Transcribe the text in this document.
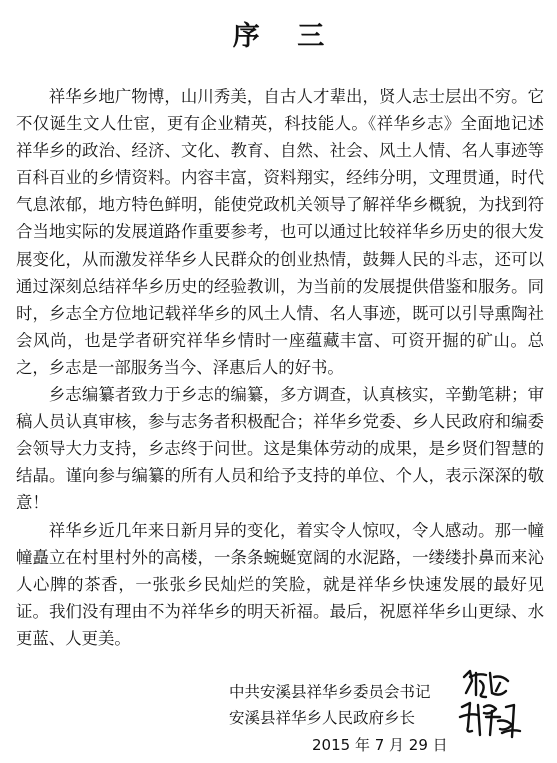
序 三

祥华乡地广物博，山川秀美，自古人才辈出，贤人志士层出不穷。它不仅诞生文人仕宦，更有企业精英，科技能人。《祥华乡志》全面地记述祥华乡的政治、经济、文化、教育、自然、社会、风土人情、名人事迹等百科百业的乡情资料。内容丰富，资料翔实，经纬分明，文理贯通，时代气息浓郁，地方特色鲜明，能使党政机关领导了解祥华乡概貌，为找到符合当地实际的发展道路作重要参考，也可以通过比较祥华乡历史的很大发展变化，从而激发祥华乡人民群众的创业热情，鼓舞人民的斗志，还可以通过深刻总结祥华乡历史的经验教训，为当前的发展提供借鉴和服务。同时，乡志全方位地记载祥华乡的风土人情、名人事迹，既可以引导熏陶社会风尚，也是学者研究祥华乡情时一座蕴藏丰富、可资开掘的矿山。总之，乡志是一部服务当今、泽惠后人的好书。

乡志编纂者致力于乡志的编纂，多方调查，认真核实，辛勤笔耕；审稿人员认真审核，参与志务者积极配合；祥华乡党委、乡人民政府和编委会领导大力支持，乡志终于问世。这是集体劳动的成果，是乡贤们智慧的结晶。谨向参与编纂的所有人员和给予支持的单位、个人，表示深深的敬意！

祥华乡近几年来日新月异的变化，着实令人惊叹，令人感动。那一幢幢矗立在村里村外的高楼，一条条蜿蜒宽阔的水泥路，一缕缕扑鼻而来沁人心脾的茶香，一张张乡民灿烂的笑脸，就是祥华乡快速发展的最好见证。我们没有理由不为祥华乡的明天祈福。最后，祝愿祥华乡山更绿、水更蓝、人更美。

中共安溪县祥华乡委员会书记
安溪县祥华乡人民政府乡长
2015 年 7 月 29 日
